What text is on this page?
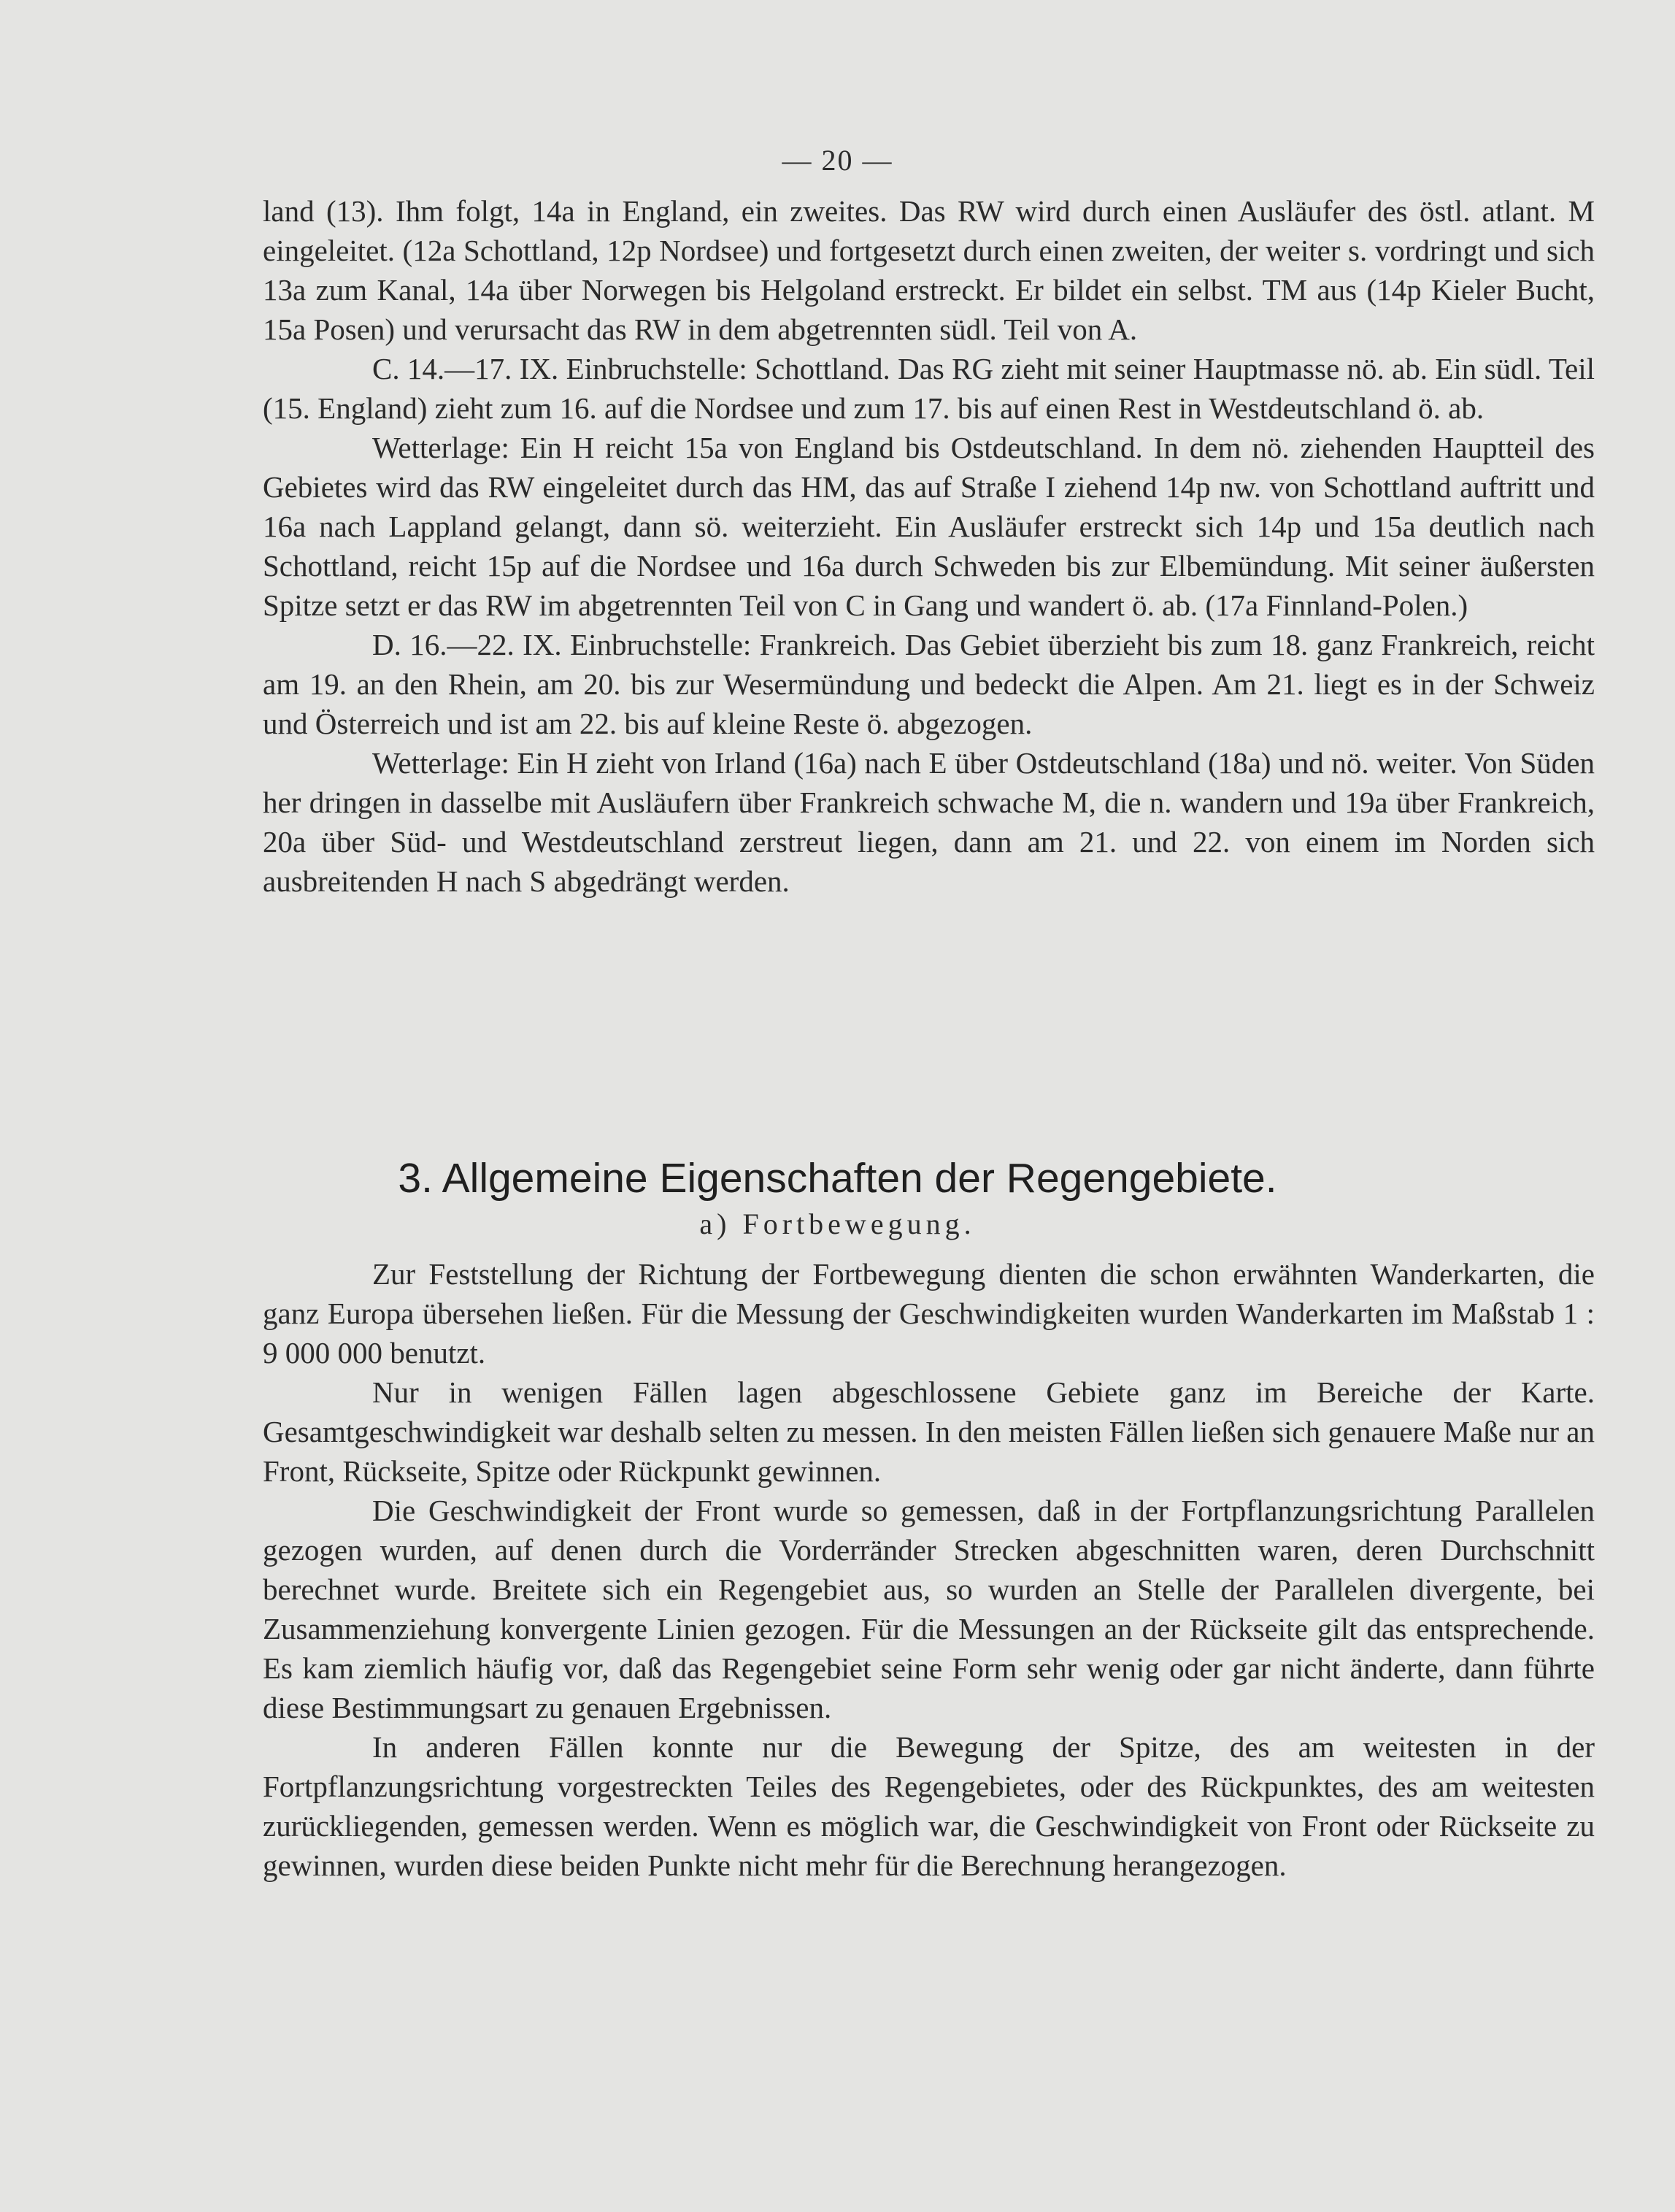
— 20 —

land (13). Ihm folgt, 14a in England, ein zweites. Das RW wird durch einen Ausläufer des östl. atlant. M eingeleitet. (12a Schottland, 12p Nordsee) und fortgesetzt durch einen zweiten, der weiter s. vordringt und sich 13a zum Kanal, 14a über Norwegen bis Helgoland erstreckt. Er bildet ein selbst. TM aus (14p Kieler Bucht, 15a Posen) und verursacht das RW in dem abgetrennten südl. Teil von A.

C. 14.—17. IX. Einbruchstelle: Schottland. Das RG zieht mit seiner Hauptmasse nö. ab. Ein südl. Teil (15. England) zieht zum 16. auf die Nordsee und zum 17. bis auf einen Rest in Westdeutschland ö. ab.

Wetterlage: Ein H reicht 15a von England bis Ostdeutschland. In dem nö. ziehenden Hauptteil des Gebietes wird das RW eingeleitet durch das HM, das auf Straße I ziehend 14p nw. von Schottland auftritt und 16a nach Lappland gelangt, dann sö. weiterzieht. Ein Ausläufer erstreckt sich 14p und 15a deutlich nach Schottland, reicht 15p auf die Nordsee und 16a durch Schweden bis zur Elbemündung. Mit seiner äußersten Spitze setzt er das RW im abgetrennten Teil von C in Gang und wandert ö. ab. (17a Finnland-Polen.)

D. 16.—22. IX. Einbruchstelle: Frankreich. Das Gebiet überzieht bis zum 18. ganz Frankreich, reicht am 19. an den Rhein, am 20. bis zur Wesermündung und bedeckt die Alpen. Am 21. liegt es in der Schweiz und Österreich und ist am 22. bis auf kleine Reste ö. abgezogen.

Wetterlage: Ein H zieht von Irland (16a) nach E über Ostdeutschland (18a) und nö. weiter. Von Süden her dringen in dasselbe mit Ausläufern über Frankreich schwache M, die n. wandern und 19a über Frankreich, 20a über Süd- und Westdeutschland zerstreut liegen, dann am 21. und 22. von einem im Norden sich ausbreitenden H nach S abgedrängt werden.

3. Allgemeine Eigenschaften der Regengebiete.
a) Fortbewegung.

Zur Feststellung der Richtung der Fortbewegung dienten die schon erwähnten Wanderkarten, die ganz Europa übersehen ließen. Für die Messung der Geschwindigkeiten wurden Wanderkarten im Maßstab 1 : 9 000 000 benutzt.

Nur in wenigen Fällen lagen abgeschlossene Gebiete ganz im Bereiche der Karte. Gesamtgeschwindigkeit war deshalb selten zu messen. In den meisten Fällen ließen sich genauere Maße nur an Front, Rückseite, Spitze oder Rückpunkt gewinnen.

Die Geschwindigkeit der Front wurde so gemessen, daß in der Fortpflanzungsrichtung Parallelen gezogen wurden, auf denen durch die Vorderränder Strecken abgeschnitten waren, deren Durchschnitt berechnet wurde. Breitete sich ein Regengebiet aus, so wurden an Stelle der Parallelen divergente, bei Zusammenziehung konvergente Linien gezogen. Für die Messungen an der Rückseite gilt das entsprechende. Es kam ziemlich häufig vor, daß das Regengebiet seine Form sehr wenig oder gar nicht änderte, dann führte diese Bestimmungsart zu genauen Ergebnissen.

In anderen Fällen konnte nur die Bewegung der Spitze, des am weitesten in der Fortpflanzungsrichtung vorgestreckten Teiles des Regengebietes, oder des Rückpunktes, des am weitesten zurückliegenden, gemessen werden. Wenn es möglich war, die Geschwindigkeit von Front oder Rückseite zu gewinnen, wurden diese beiden Punkte nicht mehr für die Berechnung herangezogen.
